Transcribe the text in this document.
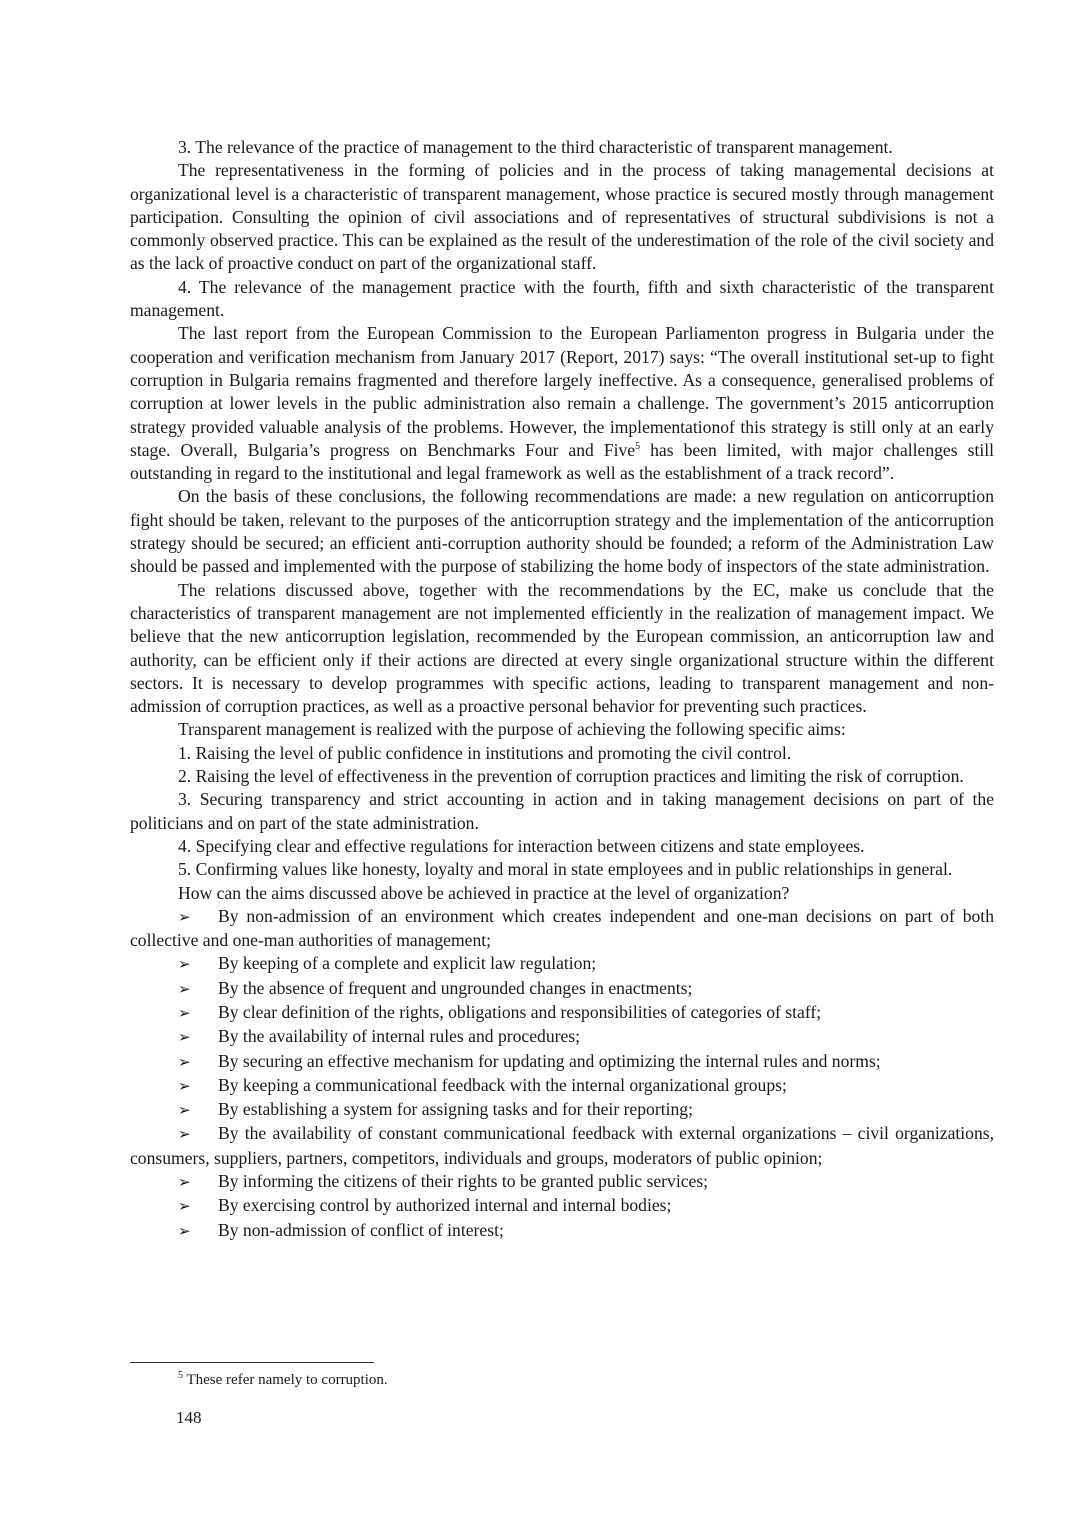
3. The relevance of the practice of management to the third characteristic of transparent management.

The representativeness in the forming of policies and in the process of taking managemental decisions at organizational level is a characteristic of transparent management, whose practice is secured mostly through management participation. Consulting the opinion of civil associations and of representatives of structural subdivisions is not a commonly observed practice. This can be explained as the result of the underestimation of the role of the civil society and as the lack of proactive conduct on part of the organizational staff.

4. The relevance of the management practice with the fourth, fifth and sixth characteristic of the transparent management.

The last report from the European Commission to the European Parliamenton progress in Bulgaria under the cooperation and verification mechanism from January 2017 (Report, 2017) says: “The overall institutional set-up to fight corruption in Bulgaria remains fragmented and therefore largely ineffective. As a consequence, generalised problems of corruption at lower levels in the public administration also remain a challenge. The government’s 2015 anticorruption strategy provided valuable analysis of the problems. However, the implementationof this strategy is still only at an early stage. Overall, Bulgaria’s progress on Benchmarks Four and Five$^5$ has been limited, with major challenges still outstanding in regard to the institutional and legal framework as well as the establishment of a track record”.

On the basis of these conclusions, the following recommendations are made: a new regulation on anticorruption fight should be taken, relevant to the purposes of the anticorruption strategy and the implementation of the anticorruption strategy should be secured; an efficient anti-corruption authority should be founded; a reform of the Administration Law should be passed and implemented with the purpose of stabilizing the home body of inspectors of the state administration.

The relations discussed above, together with the recommendations by the EC, make us conclude that the characteristics of transparent management are not implemented efficiently in the realization of management impact. We believe that the new anticorruption legislation, recommended by the European commission, an anticorruption law and authority, can be efficient only if their actions are directed at every single organizational structure within the different sectors. It is necessary to develop programmes with specific actions, leading to transparent management and non-admission of corruption practices, as well as a proactive personal behavior for preventing such practices.

Transparent management is realized with the purpose of achieving the following specific aims:

1. Raising the level of public confidence in institutions and promoting the civil control.

2. Raising the level of effectiveness in the prevention of corruption practices and limiting the risk of corruption.

3. Securing transparency and strict accounting in action and in taking management decisions on part of the politicians and on part of the state administration.

4. Specifying clear and effective regulations for interaction between citizens and state employees.

5. Confirming values like honesty, loyalty and moral in state employees and in public relationships in general.

How can the aims discussed above be achieved in practice at the level of organization?

➢ By non-admission of an environment which creates independent and one-man decisions on part of both collective and one-man authorities of management;

➢ By keeping of a complete and explicit law regulation;

➢ By the absence of frequent and ungrounded changes in enactments;

➢ By clear definition of the rights, obligations and responsibilities of categories of staff;

➢ By the availability of internal rules and procedures;

➢ By securing an effective mechanism for updating and optimizing the internal rules and norms;

➢ By keeping a communicational feedback with the internal organizational groups;

➢ By establishing a system for assigning tasks and for their reporting;

➢ By the availability of constant communicational feedback with external organizations – civil organizations, consumers, suppliers, partners, competitors, individuals and groups, moderators of public opinion;

➢ By informing the citizens of their rights to be granted public services;

➢ By exercising control by authorized internal and internal bodies;

➢ By non-admission of conflict of interest;

$^5$ These refer namely to corruption.
148
